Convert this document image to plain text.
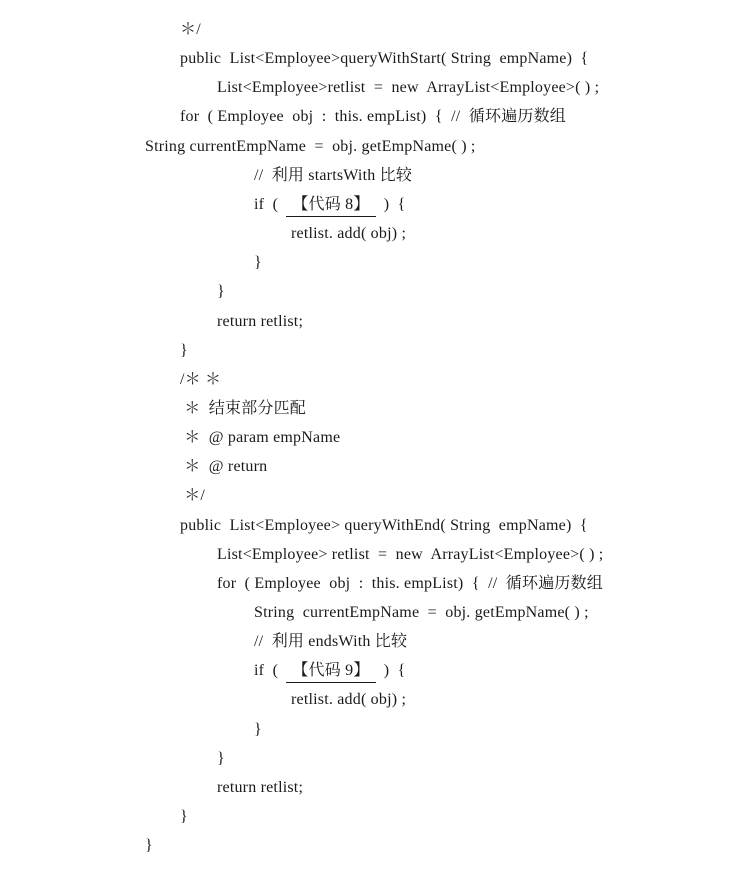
＊/
public  List<Employee>queryWithStart( String  empName)  {
List<Employee>retlist  =  new  ArrayList<Employee>( ) ;
for  ( Employee  obj  :  this. empList)  {  //  循环遍历数组
String currentEmpName  =  obj. getEmpName( ) ;
//  利用 startsWith 比较
if  ( 【代码 8】 )  {
retlist. add( obj) ;
}
}
return retlist;
}
/＊ ＊
＊  结束部分匹配
＊  @ param empName
＊  @ return
＊/
public  List<Employee> queryWithEnd( String  empName)  {
List<Employee> retlist  =  new  ArrayList<Employee>( ) ;
for  ( Employee  obj  :  this. empList)  {  //  循环遍历数组
String  currentEmpName  =  obj. getEmpName( ) ;
//  利用 endsWith 比较
if  ( 【代码 9】 )  {
retlist. add( obj) ;
}
}
return retlist;
}
}
